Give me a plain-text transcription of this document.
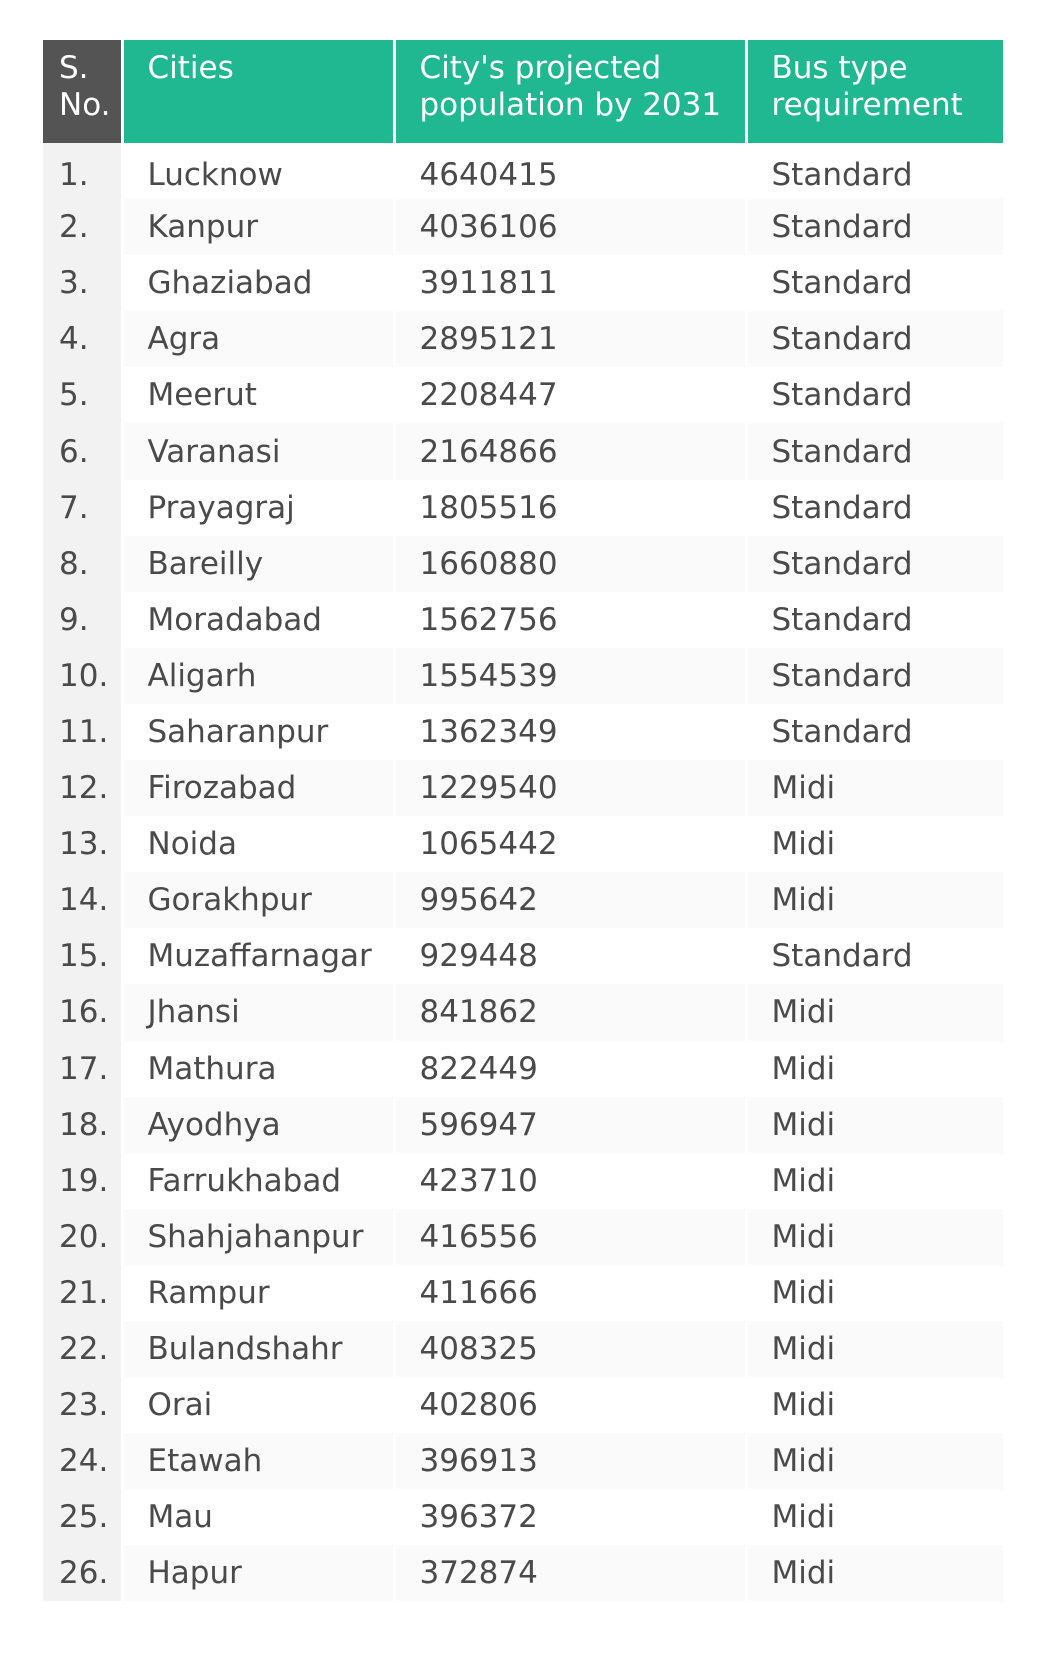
S.
No.	Cities	City's projected population by 2031	Bus type requirement
1.	Lucknow	4640415	Standard
2.	Kanpur	4036106	Standard
3.	Ghaziabad	3911811	Standard
4.	Agra	2895121	Standard
5.	Meerut	2208447	Standard
6.	Varanasi	2164866	Standard
7.	Prayagraj	1805516	Standard
8.	Bareilly	1660880	Standard
9.	Moradabad	1562756	Standard
10.	Aligarh	1554539	Standard
11.	Saharanpur	1362349	Standard
12.	Firozabad	1229540	Midi
13.	Noida	1065442	Midi
14.	Gorakhpur	995642	Midi
15.	Muzaffarnagar	929448	Standard
16.	Jhansi	841862	Midi
17.	Mathura	822449	Midi
18.	Ayodhya	596947	Midi
19.	Farrukhabad	423710	Midi
20.	Shahjahanpur	416556	Midi
21.	Rampur	411666	Midi
22.	Bulandshahr	408325	Midi
23.	Orai	402806	Midi
24.	Etawah	396913	Midi
25.	Mau	396372	Midi
26.	Hapur	372874	Midi
